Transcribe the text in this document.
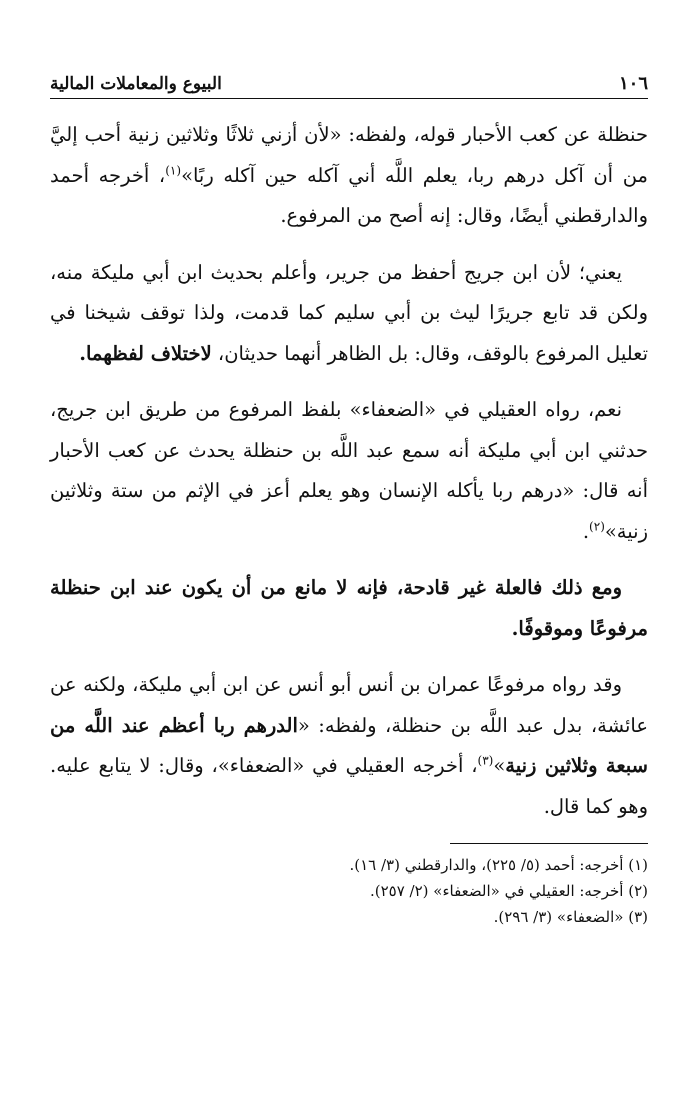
١٠٦
البيوع والمعاملات المالية

حنظلة عن كعب الأحبار قوله، ولفظه: «لأن أزني ثلاثًا وثلاثين زنية أحب إليَّ من أن آكل درهم ربا، يعلم اللَّه أني آكله حين آكله ربًا»$^{(١)}$، أخرجه أحمد والدارقطني أيضًا، وقال: إنه أصح من المرفوع.

يعني؛ لأن ابن جريج أحفظ من جرير، وأعلم بحديث ابن أبي مليكة منه، ولكن قد تابع جريرًا ليث بن أبي سليم كما قدمت، ولذا توقف شيخنا في تعليل المرفوع بالوقف، وقال: بل الظاهر أنهما حديثان، لاختلاف لفظهما.

نعم، رواه العقيلي في «الضعفاء» بلفظ المرفوع من طريق ابن جريج، حدثني ابن أبي مليكة أنه سمع عبد اللَّه بن حنظلة يحدث عن كعب الأحبار أنه قال: «درهم ربا يأكله الإنسان وهو يعلم أعز في الإثم من ستة وثلاثين زنية»$^{(٢)}$.

ومع ذلك فالعلة غير قادحة، فإنه لا مانع من أن يكون عند ابن حنظلة مرفوعًا وموقوفًا.

وقد رواه مرفوعًا عمران بن أنس أبو أنس عن ابن أبي مليكة، ولكنه عن عائشة، بدل عبد اللَّه بن حنظلة، ولفظه: «الدرهم ربا أعظم عند اللَّه من سبعة وثلاثين زنية»$^{(٣)}$، أخرجه العقيلي في «الضعفاء»، وقال: لا يتابع عليه. وهو كما قال.

(١) أخرجه: أحمد (٥/ ٢٢٥)، والدارقطني (٣/ ١٦).

(٢) أخرجه: العقيلي في «الضعفاء» (٢/ ٢٥٧).

(٣) «الضعفاء» (٣/ ٢٩٦).
